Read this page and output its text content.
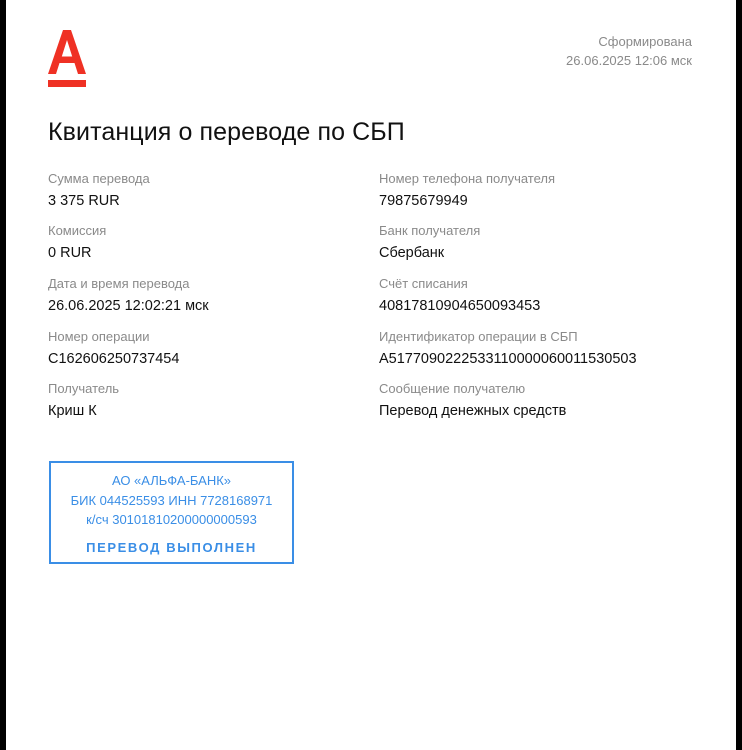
Сформирована
26.06.2025 12:06 мск
Квитанция о переводе по СБП
Сумма перевода
3 375 RUR
Номер телефона получателя
79875679949
Комиссия
0 RUR
Банк получателя
Сбербанк
Дата и время перевода
26.06.2025 12:02:21 мск
Счёт списания
40817810904650093453
Номер операции
C162606250737454
Идентификатор операции в СБП
A5177090222533110000060011530503
Получатель
Криш К
Сообщение получателю
Перевод денежных средств
АО «АЛЬФА-БАНК»
БИК 044525593 ИНН 7728168971
к/сч 30101810200000000593
ПЕРЕВОД ВЫПОЛНЕН
